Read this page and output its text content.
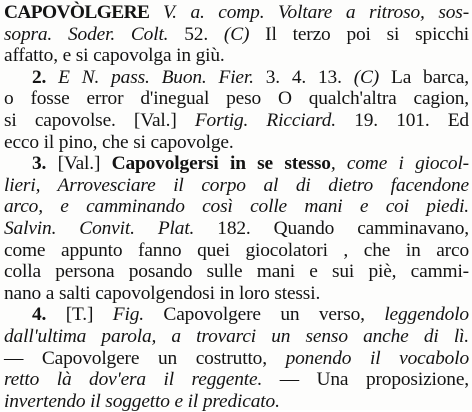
CAPOVÒLGERE V. a. comp. Voltare a ritroso, sos-
sopra. Soder. Colt. 52. (C) Il terzo poi si spicchi
affatto, e si capovolga in giù.
2. E N. pass. Buon. Fier. 3. 4. 13. (C) La barca,
o fosse error d'inegual peso O qualch'altra cagion,
si capovolse. [Val.] Fortig. Ricciard. 19. 101. Ed
ecco il pino, che si capovolge.
3. [Val.] Capovolgersi in se stesso, come i giocol-
lieri, Arrovesciare il corpo al di dietro facendone
arco, e camminando così colle mani e coi piedi.
Salvin. Convit. Plat. 182. Quando camminavano,
come appunto fanno quei giocolatori , che in arco
colla persona posando sulle mani e sui piè, cammi-
nano a salti capovolgendosi in loro stessi.
4. [T.] Fig. Capovolgere un verso, leggendolo
dall'ultima parola, a trovarci un senso anche di lì.
— Capovolgere un costrutto, ponendo il vocabolo
retto là dov'era il reggente. — Una proposizione,
invertendo il soggetto e il predicato.
